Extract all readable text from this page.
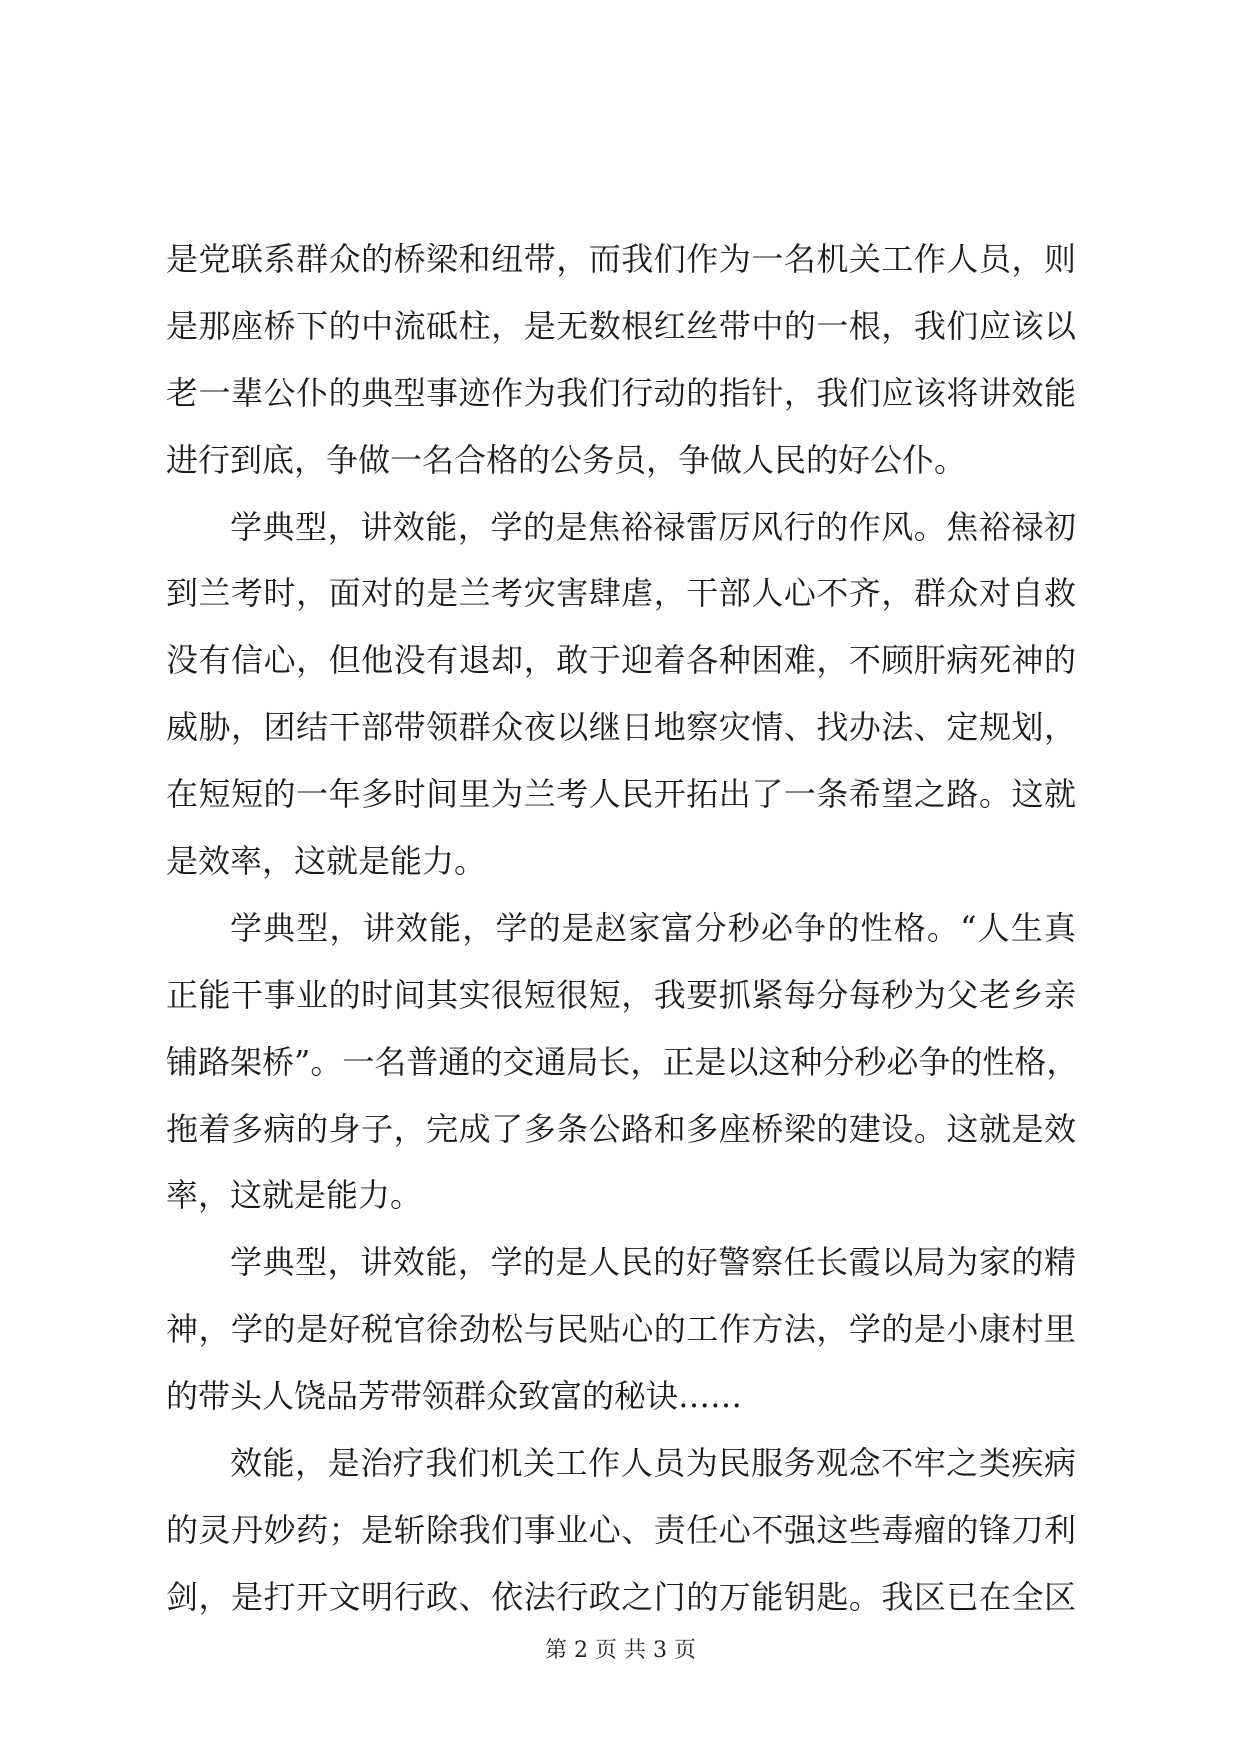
是党联系群众的桥梁和纽带，而我们作为一名机关工作人员，则
是那座桥下的中流砥柱，是无数根红丝带中的一根，我们应该以
老一辈公仆的典型事迹作为我们行动的指针，我们应该将讲效能
进行到底，争做一名合格的公务员，争做人民的好公仆。
学典型，讲效能，学的是焦裕禄雷厉风行的作风。焦裕禄初
到兰考时，面对的是兰考灾害肆虐，干部人心不齐，群众对自救
没有信心，但他没有退却，敢于迎着各种困难，不顾肝病死神的
威胁，团结干部带领群众夜以继日地察灾情、找办法、定规划，
在短短的一年多时间里为兰考人民开拓出了一条希望之路。这就
是效率，这就是能力。
学典型，讲效能，学的是赵家富分秒必争的性格。“人生真
正能干事业的时间其实很短很短，我要抓紧每分每秒为父老乡亲
铺路架桥”。一名普通的交通局长，正是以这种分秒必争的性格，
拖着多病的身子，完成了多条公路和多座桥梁的建设。这就是效
率，这就是能力。
学典型，讲效能，学的是人民的好警察任长霞以局为家的精
神，学的是好税官徐劲松与民贴心的工作方法，学的是小康村里
的带头人饶品芳带领群众致富的秘诀……
效能，是治疗我们机关工作人员为民服务观念不牢之类疾病
的灵丹妙药；是斩除我们事业心、责任心不强这些毒瘤的锋刀利
剑，是打开文明行政、依法行政之门的万能钥匙。我区已在全区
第 2 页 共 3 页
